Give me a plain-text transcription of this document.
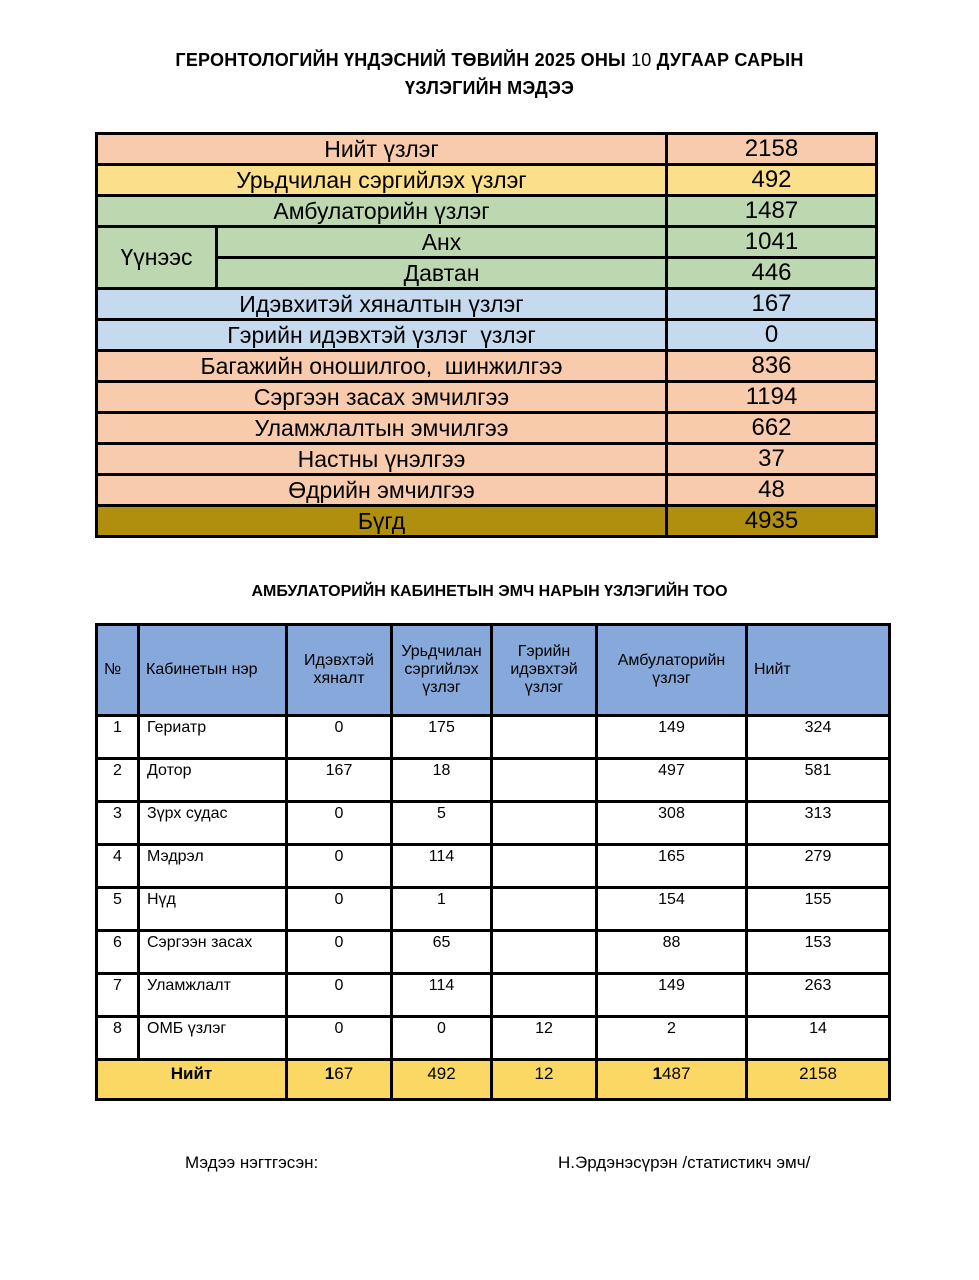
ГЕРОНТОЛОГИЙН ҮНДЭСНИЙ ТӨВИЙН 2025 ОНЫ 10 ДУГААР САРЫН
ҮЗЛЭГИЙН МЭДЭЭ
Нийт үзлэг		2158
Урьдчилан сэргийлэх үзлэг		492
Амбулаторийн үзлэг		1487
Үүнээс	Анх	1041
	Давтан	446
Идэвхитэй хяналтын үзлэг		167
Гэрийн идэвхтэй үзлэг  үзлэг		0
Багажийн оношилгоо,  шинжилгээ		836
Сэргээн засах эмчилгээ		1194
Уламжлалтын эмчилгээ		662
Настны үнэлгээ		37
Өдрийн эмчилгээ		48
Бүгд		4935
АМБУЛАТОРИЙН КАБИНЕТЫН ЭМЧ НАРЫН ҮЗЛЭГИЙН ТОО
№	Кабинетын нэр	Идэвхтэй хяналт	Урьдчилан сэргийлэх үзлэг	Гэрийн идэвхтэй үзлэг	Амбулаторийн үзлэг	Нийт
1	Гериатр	0	175		149	324
2	Дотор	167	18		497	581
3	Зүрх судас	0	5		308	313
4	Мэдрэл	0	114		165	279
5	Нүд	0	1		154	155
6	Сэргээн засах	0	65		88	153
7	Уламжлалт	0	114		149	263
8	ОМБ үзлэг	0	0	12	2	14
Нийт		167	492	12	1487	2158
Мэдээ нэгтгэсэн:	Н.Эрдэнэсүрэн /статистикч эмч/
